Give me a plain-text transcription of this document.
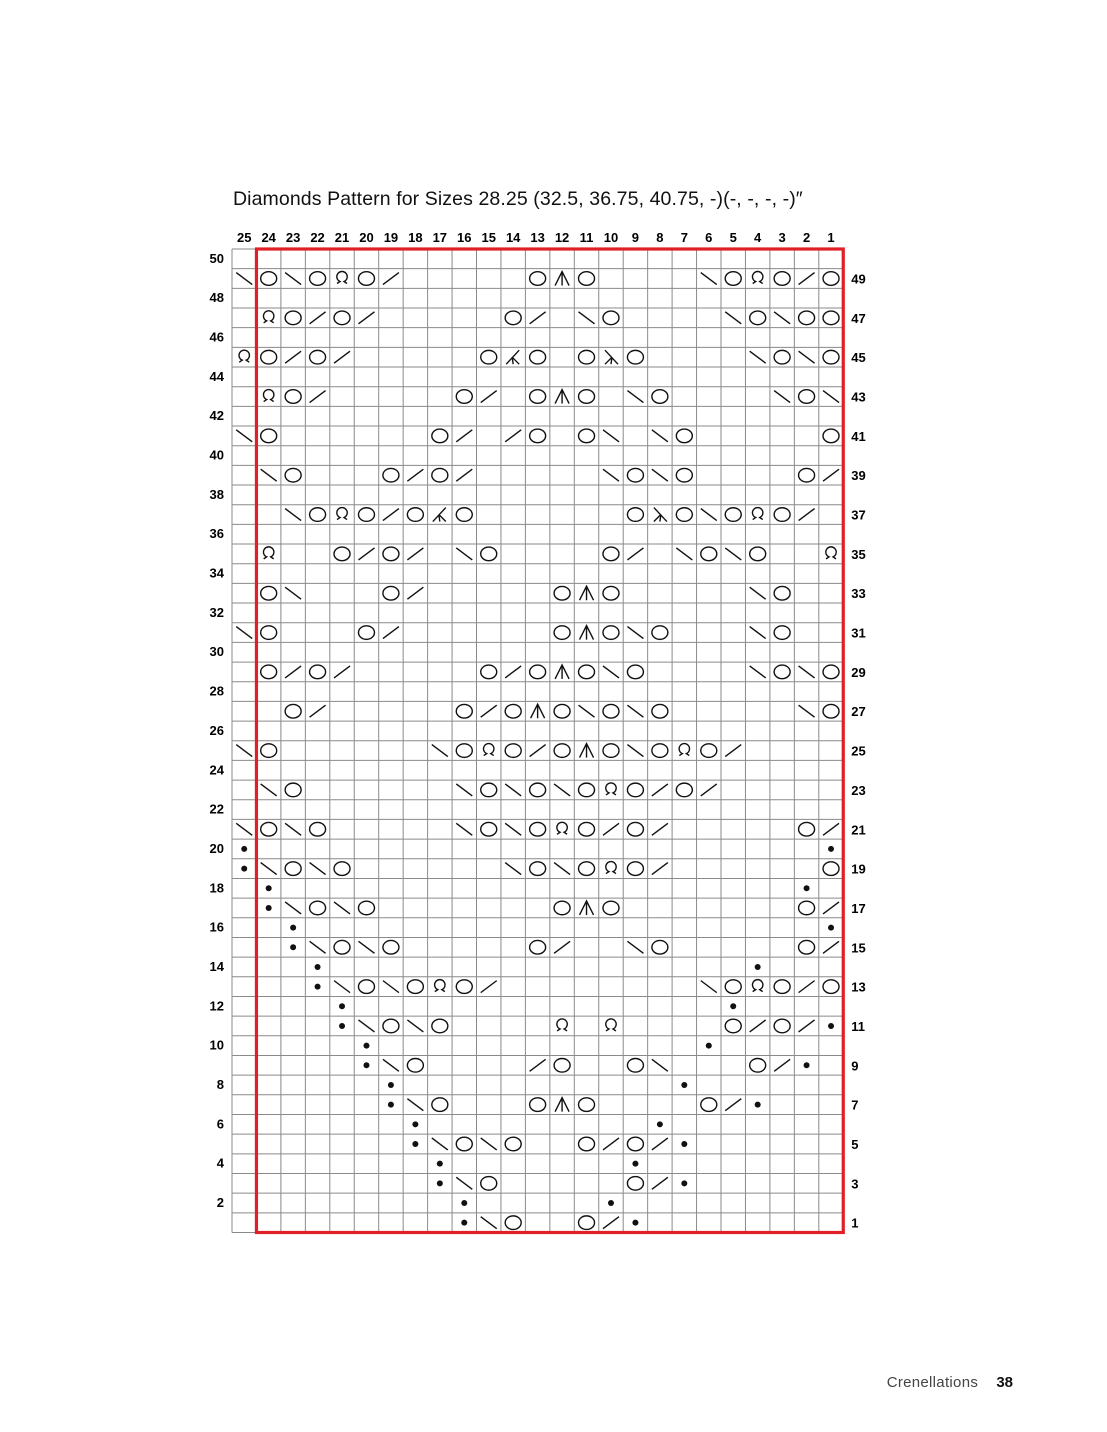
Diamonds Pattern for Sizes 28.25 (32.5, 36.75, 40.75, -)(-, -, -, -)″
25 24 23 22 21 20 19 18 17 16 15 14 13 12 11 10 9 8 7 6 5 4 3 2 1
50
49
48
47
46
45
44
43
42
41
40
39
38
37
36
35
34
33
32
31
30
29
28
27
26
25
24
23
22
21
20
19
18
17
16
15
14
13
12
11
10
9
8
7
6
5
4
3
2
1
Crenellations 38
